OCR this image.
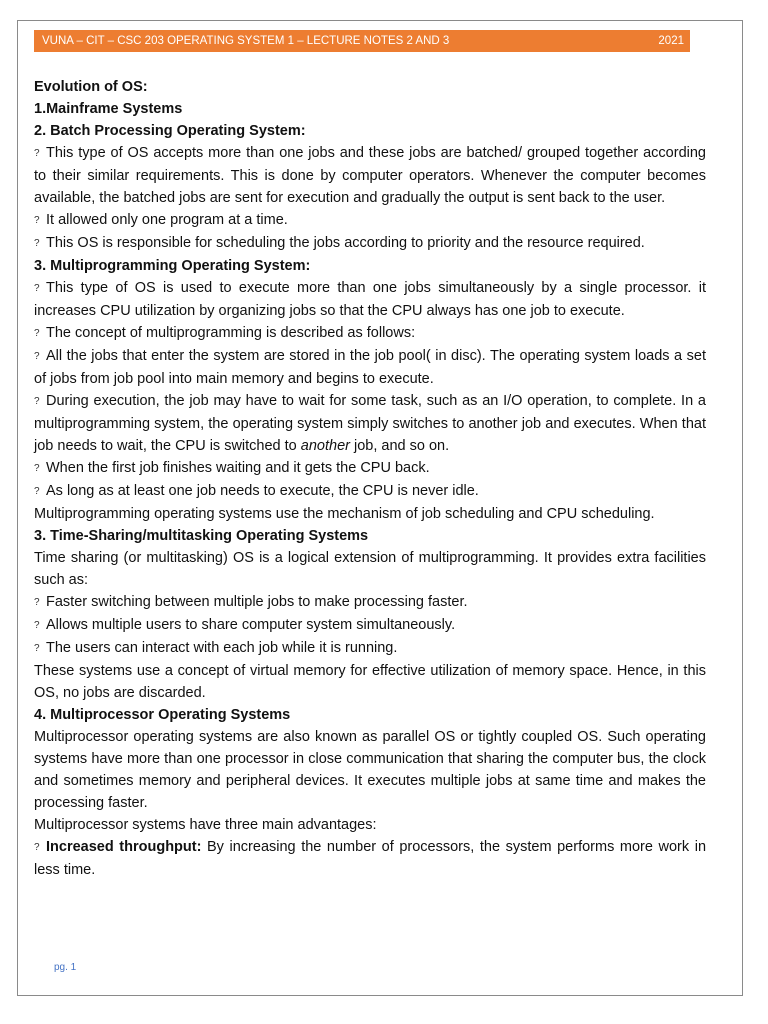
VUNA – CIT – CSC 203 OPERATING SYSTEM 1 – LECTURE NOTES 2 AND 3	2021

Evolution of OS:

1.Mainframe Systems

2. Batch Processing Operating System:

? This type of OS accepts more than one jobs and these jobs are batched/ grouped together according to their similar requirements. This is done by computer operators. Whenever the computer becomes available, the batched jobs are sent for execution and gradually the output is sent back to the user.

? It allowed only one program at a time.

? This OS is responsible for scheduling the jobs according to priority and the resource required.

3. Multiprogramming Operating System:

? This type of OS is used to execute more than one jobs simultaneously by a single processor. it increases CPU utilization by organizing jobs so that the CPU always has one job to execute.

? The concept of multiprogramming is described as follows:

? All the jobs that enter the system are stored in the job pool( in disc). The operating system loads a set of jobs from job pool into main memory and begins to execute.

? During execution, the job may have to wait for some task, such as an I/O operation, to complete. In a multiprogramming system, the operating system simply switches to another job and executes. When that job needs to wait, the CPU is switched to another job, and so on.

? When the first job finishes waiting and it gets the CPU back.

? As long as at least one job needs to execute, the CPU is never idle.

Multiprogramming operating systems use the mechanism of job scheduling and CPU scheduling.

3. Time-Sharing/multitasking Operating Systems

Time sharing (or multitasking) OS is a logical extension of multiprogramming. It provides extra facilities such as:

? Faster switching between multiple jobs to make processing faster.

? Allows multiple users to share computer system simultaneously.

? The users can interact with each job while it is running.

These systems use a concept of virtual memory for effective utilization of memory space. Hence, in this OS, no jobs are discarded.

4. Multiprocessor Operating Systems

Multiprocessor operating systems are also known as parallel OS or tightly coupled OS. Such operating systems have more than one processor in close communication that sharing the computer bus, the clock and sometimes memory and peripheral devices. It executes multiple jobs at same time and makes the processing faster.

Multiprocessor systems have three main advantages:

? Increased throughput: By increasing the number of processors, the system performs more work in less time.

pg. 1
